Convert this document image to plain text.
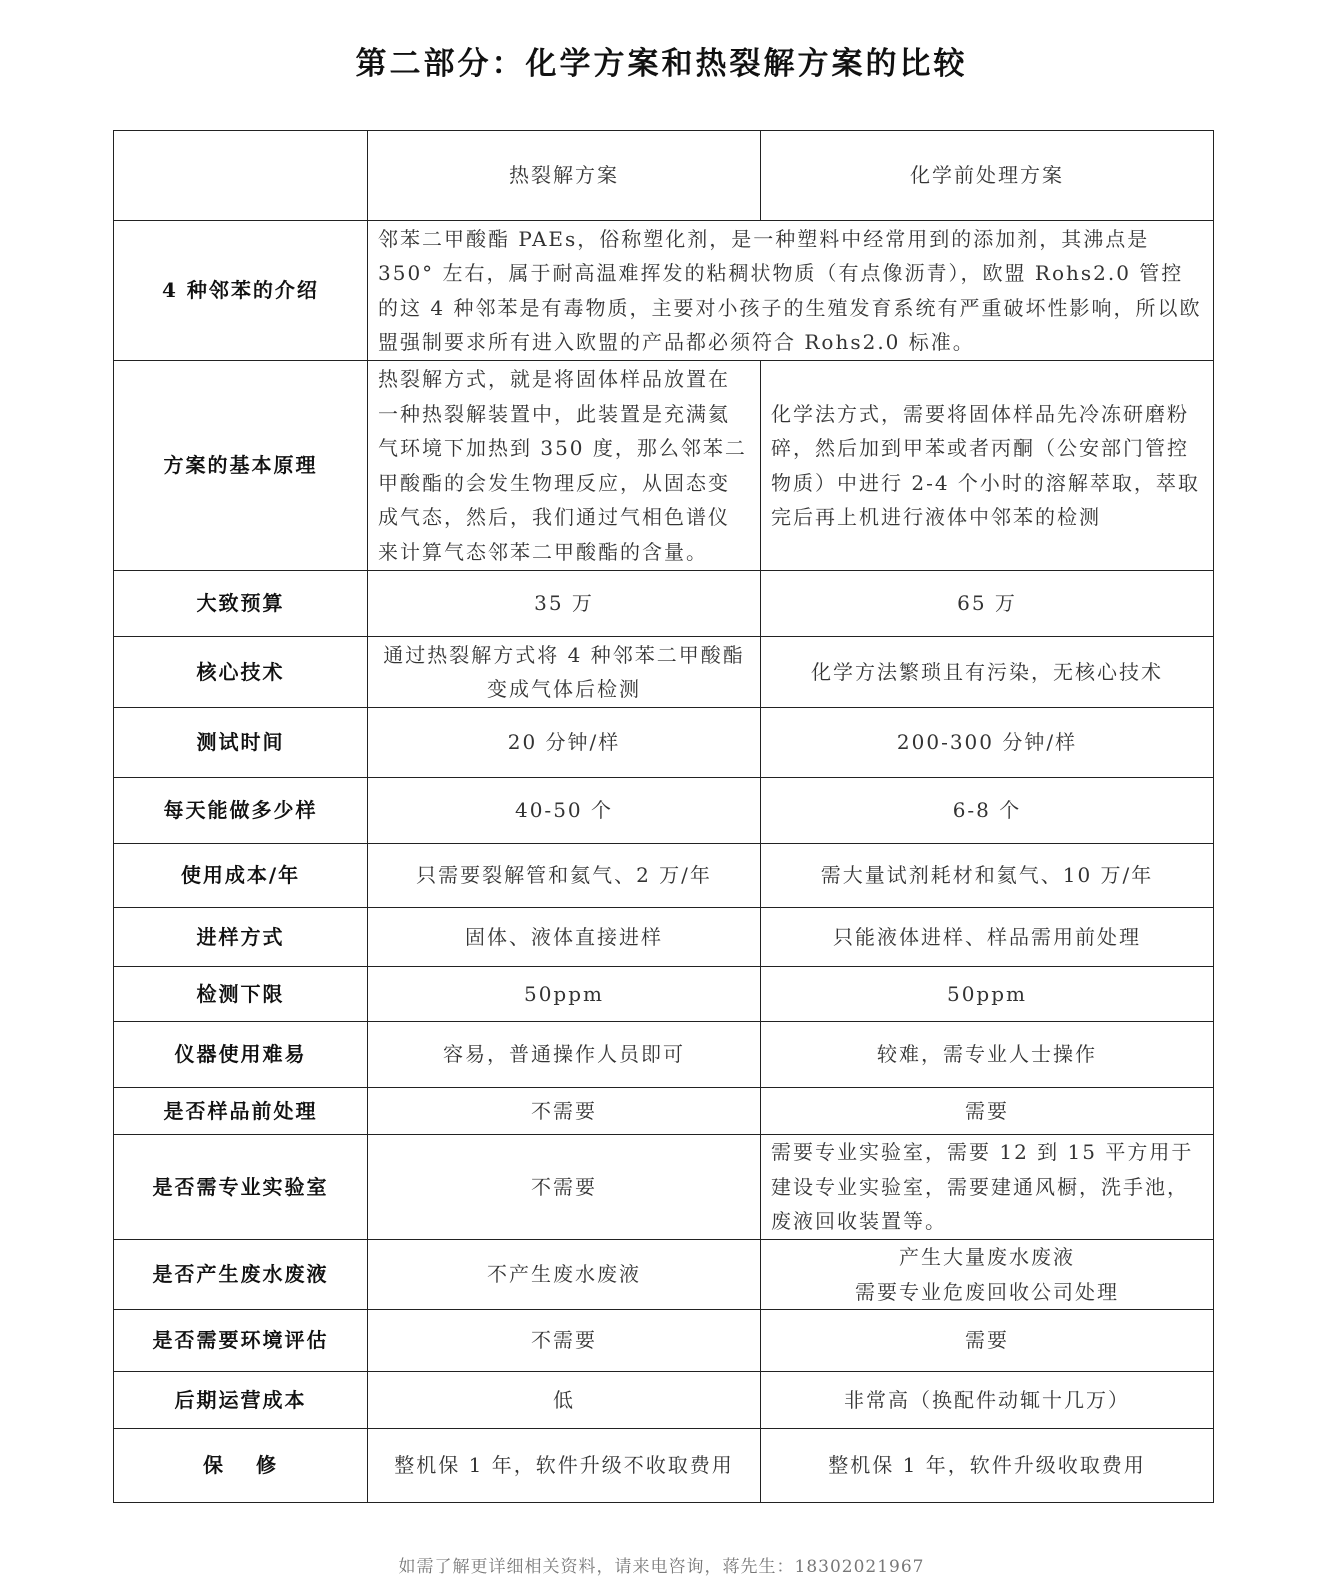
第二部分：化学方案和热裂解方案的比较
	热裂解方案	化学前处理方案
4 种邻苯的介绍	邻苯二甲酸酯 PAEs，俗称塑化剂，是一种塑料中经常用到的添加剂，其沸点是 350° 左右，属于耐高温难挥发的粘稠状物质（有点像沥青），欧盟 Rohs2.0 管控的这 4 种邻苯是有毒物质，主要对小孩子的生殖发育系统有严重破坏性影响，所以欧盟强制要求所有进入欧盟的产品都必须符合 Rohs2.0 标准。	
方案的基本原理	热裂解方式，就是将固体样品放置在一种热裂解装置中，此装置是充满氦气环境下加热到 350 度，那么邻苯二甲酸酯的会发生物理反应，从固态变成气态，然后，我们通过气相色谱仪来计算气态邻苯二甲酸酯的含量。	化学法方式，需要将固体样品先冷冻研磨粉碎，然后加到甲苯或者丙酮（公安部门管控物质）中进行 2-4 个小时的溶解萃取，萃取完后再上机进行液体中邻苯的检测
大致预算	35 万	65 万
核心技术	通过热裂解方式将 4 种邻苯二甲酸酯变成气体后检测	化学方法繁琐且有污染，无核心技术
测试时间	20 分钟/样	200-300 分钟/样
每天能做多少样	40-50 个	6-8 个
使用成本/年	只需要裂解管和氦气、2 万/年	需大量试剂耗材和氦气、10 万/年
进样方式	固体、液体直接进样	只能液体进样、样品需用前处理
检测下限	50ppm	50ppm
仪器使用难易	容易，普通操作人员即可	较难，需专业人士操作
是否样品前处理	不需要	需要
是否需专业实验室	不需要	需要专业实验室，需要 12 到 15 平方用于建设专业实验室，需要建通风橱，洗手池，废液回收装置等。
是否产生废水废液	不产生废水废液	产生大量废水废液
需要专业危废回收公司处理
是否需要环境评估	不需要	需要
后期运营成本	低	非常高（换配件动辄十几万）
保　 修	整机保 1 年，软件升级不收取费用	整机保 1 年，软件升级收取费用
如需了解更详细相关资料，请来电咨询，蒋先生：18302021967
